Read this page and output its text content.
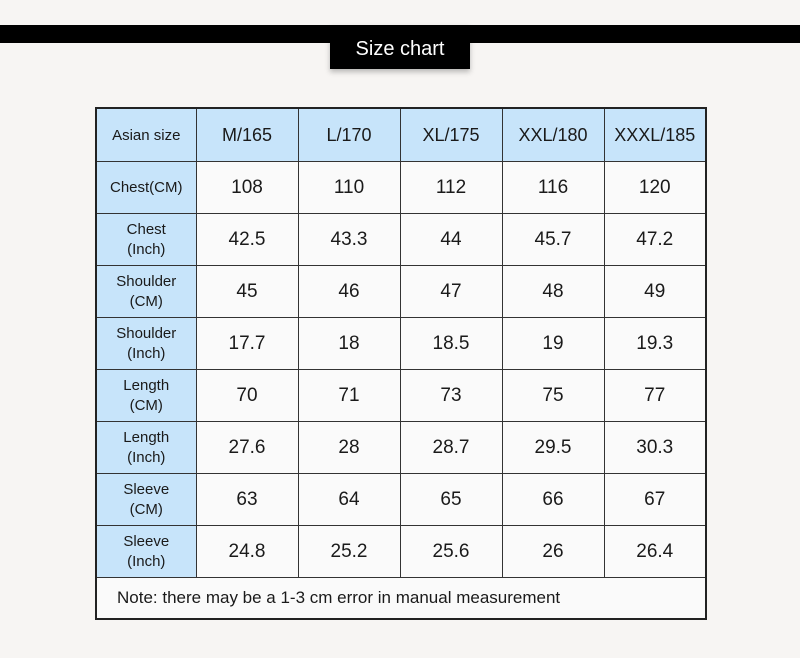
Size chart
Asian size	M/165	L/170	XL/175	XXL/180	XXXL/185
Chest(CM)	108	110	112	116	120
Chest
(Inch)	42.5	43.3	44	45.7	47.2
Shoulder
(CM)	45	46	47	48	49
Shoulder
(Inch)	17.7	18	18.5	19	19.3
Length
(CM)	70	71	73	75	77
Length
(Inch)	27.6	28	28.7	29.5	30.3
Sleeve
(CM)	63	64	65	66	67
Sleeve
(Inch)	24.8	25.2	25.6	26	26.4
Note: there may be a 1-3 cm error in manual measurement					
